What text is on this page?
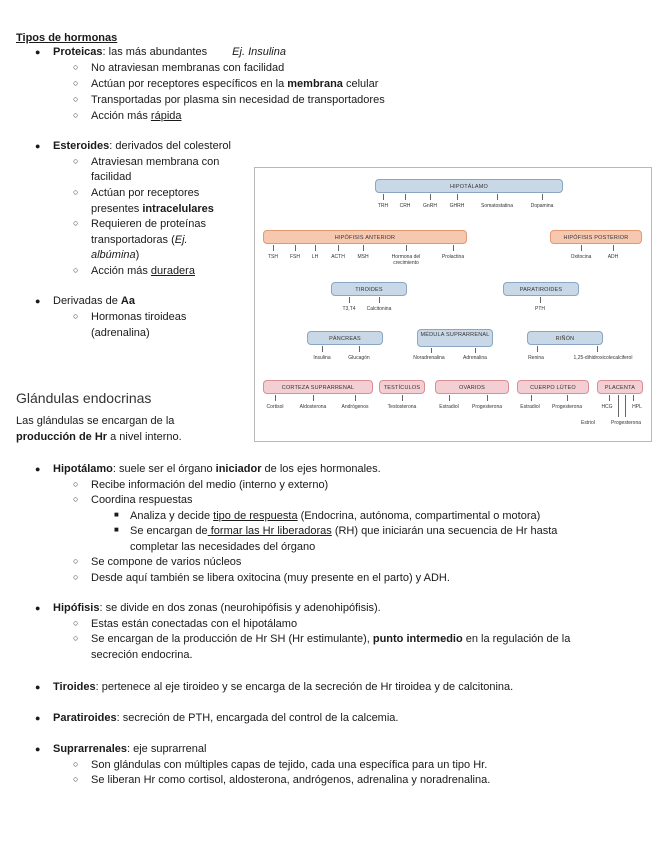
Tipos de hormonas
● Proteicas: las más abundantes Ej. Insulina
○ No atraviesan membranas con facilidad
○ Actúan por receptores específicos en la membrana celular
○ Transportadas por plasma sin necesidad de transportadores
○ Acción más rápida
● Esteroides: derivados del colesterol
○ Atraviesan membrana con
facilidad
○ Actúan por receptores
presentes intracelulares
○ Requieren de proteínas
transportadoras (Ej.
albúmina)
○ Acción más duradera
● Derivadas de Aa
○ Hormonas tiroideas
(adrenalina)
Glándulas endocrinas
Las glándulas se encargan de la
producción de Hr a nivel interno.
HIPOTÁLAMO
TRH	CRH	GnRH	GHRH	Somatostatina	Dopamina
HIPÓFISIS ANTERIOR
TSH	FSH	LH	ACTH	MSH	Hormona del crecimiento
Prolactina
HIPÓFISIS POSTERIOR
Oxitocina	ADH
TIROIDES
T3,T4	Calcitonina
PARATIROIDES
PTH
PÁNCREAS
Insulina	Glucagón
MÉDULA SUPRARRENAL
Noradrenalina	Adrenalina
RIÑÓN
Renina	1,25-dihidroxicolecalciferol
CORTEZA SUPRARRENAL
Cortisol	Aldosterona	Andrógenos
TESTÍCULOS
Testosterona
OVARIOS
Estradiol	Progesterona
CUERPO LÚTEO
Estradiol	Progesterona
PLACENTA
HCG	HPL
Estriol	Progesterona
● Hipotálamo: suele ser el órgano iniciador de los ejes hormonales.
○ Recibe información del medio (interno y externo)
○ Coordina respuestas
■ Analiza y decide tipo de respuesta (Endocrina, autónoma, compartimental o motora)
■ Se encargan de formar las Hr liberadoras (RH) que iniciarán una secuencia de Hr hasta
completar las necesidades del órgano
○ Se compone de varios núcleos
○ Desde aquí también se libera oxitocina (muy presente en el parto) y ADH.
● Hipófisis: se divide en dos zonas (neurohipófisis y adenohipófisis).
○ Estas están conectadas con el hipotálamo
○ Se encargan de la producción de Hr SH (Hr estimulante), punto intermedio en la regulación de la
secreción endocrina.
● Tiroides: pertenece al eje tiroideo y se encarga de la secreción de Hr tiroidea y de calcitonina.
● Paratiroides: secreción de PTH, encargada del control de la calcemia.
● Suprarrenales: eje suprarrenal
○ Son glándulas con múltiples capas de tejido, cada una específica para un tipo Hr.
○ Se liberan Hr como cortisol, aldosterona, andrógenos, adrenalina y noradrenalina.
